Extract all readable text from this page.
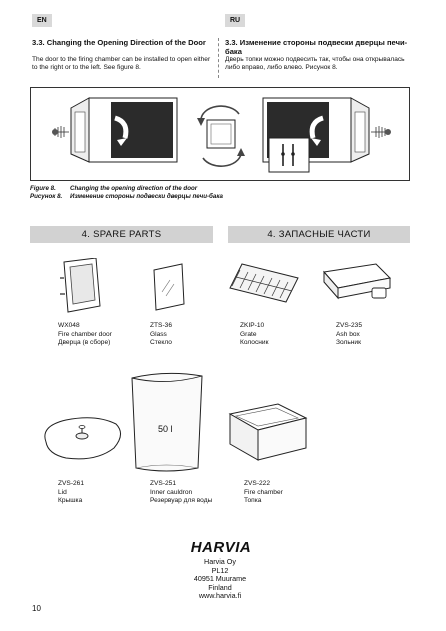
EN	RU
3.3. Changing the Opening Direction of the Door
The door to the firing chamber can be installed to open either to the right or to the left. See figure 8.
3.3. Изменение стороны подвески дверцы печи-бака
Дверь топки можно подвесить так, чтобы она открывалась либо вправо, либо влево. Рисунок 8.
Figure 8. Changing the opening direction of the door
Рисунок 8. Изменение стороны подвески дверцы печи-бака
4. SPARE PARTS	4. ЗАПАСНЫЕ ЧАСТИ
WX048
Fire chamber door
Дверца (в сборе)
ZTS-36
Glass
Стекло
ZKIP-10
Grate
Колосник
ZVS-235
Ash box
Зольник
50 l
ZVS-261
Lid
Крышка
ZVS-251
Inner cauldron
Резервуар для воды
ZVS-222
Fire chamber
Топка
HARVIA
Harvia Oy
PL12
40951 Muurame
Finland
www.harvia.fi
10
